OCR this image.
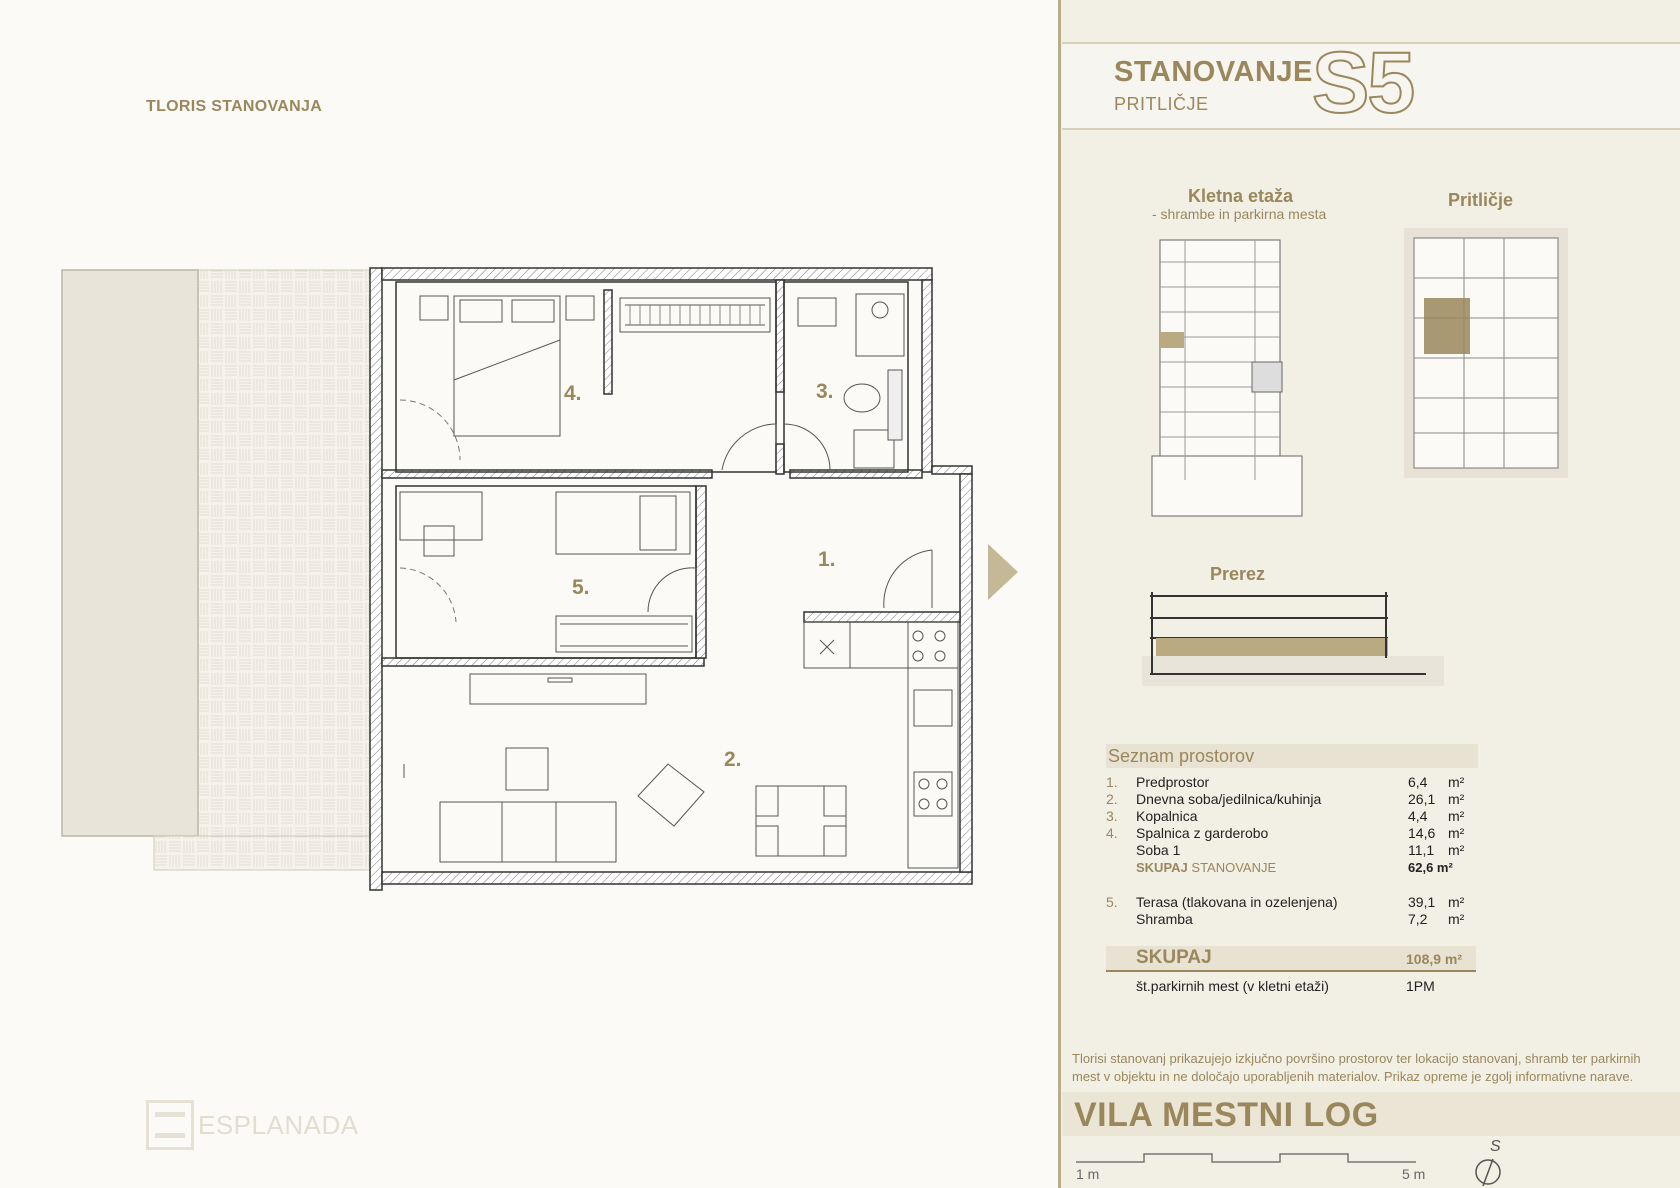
TLORIS STANOVANJA
1.
2.
3.
4.
5.
ESPLANADA
STANOVANJE
PRITLIČJE S5
Kletna etaža
- shrambe in parkirna mesta
Pritličje
Prerez
Seznam prostorov
1.	Predprostor	6,4	m²
2.	Dnevna soba/jedilnica/kuhinja	26,1	m²
3.	Kopalnica	4,4	m²
4.	Spalnica z garderobo	14,6	m²
	Soba 1	11,1	m²
	SKUPAJ STANOVANJE	62,6 m²	
5.	Terasa (tlakovana in ozelenjena)	39,1	m²
	Shramba	7,2	m²
SKUPAJ	108,9 m²
št.parkirnih mest (v kletni etaži)	1PM
Tlorisi stanovanj prikazujejo izkjučno površino prostorov ter lokacijo stanovanj, shramb ter parkirnih mest v objektu in ne določajo uporabljenih materialov. Prikaz opreme je zgolj informativne narave.
VILA MESTNI LOG
1 m	5 m
S
